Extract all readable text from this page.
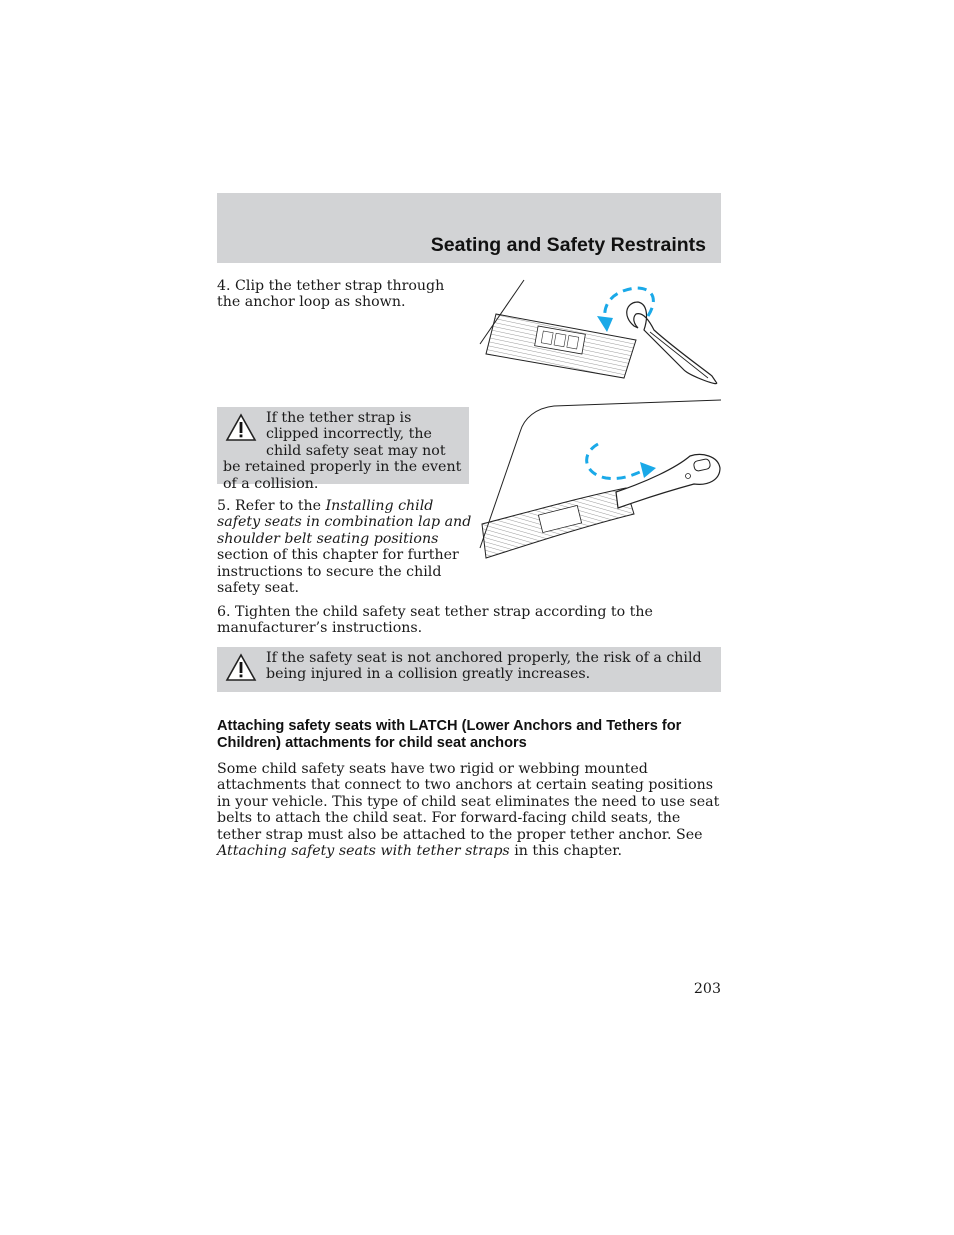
Seating and Safety Restraints

4. Clip the tether strap through the anchor loop as shown.

If the tether strap is clipped incorrectly, the child safety seat may not be retained properly in the event of a collision.

5. Refer to the Installing child safety seats in combination lap and shoulder belt seating positions section of this chapter for further instructions to secure the child safety seat.

6. Tighten the child safety seat tether strap according to the manufacturer’s instructions.

If the safety seat is not anchored properly, the risk of a child being injured in a collision greatly increases.

Attaching safety seats with LATCH (Lower Anchors and Tethers for Children) attachments for child seat anchors

Some child safety seats have two rigid or webbing mounted attachments that connect to two anchors at certain seating positions in your vehicle. This type of child seat eliminates the need to use seat belts to attach the child seat. For forward-facing child seats, the tether strap must also be attached to the proper tether anchor. See Attaching safety seats with tether straps in this chapter.

203
